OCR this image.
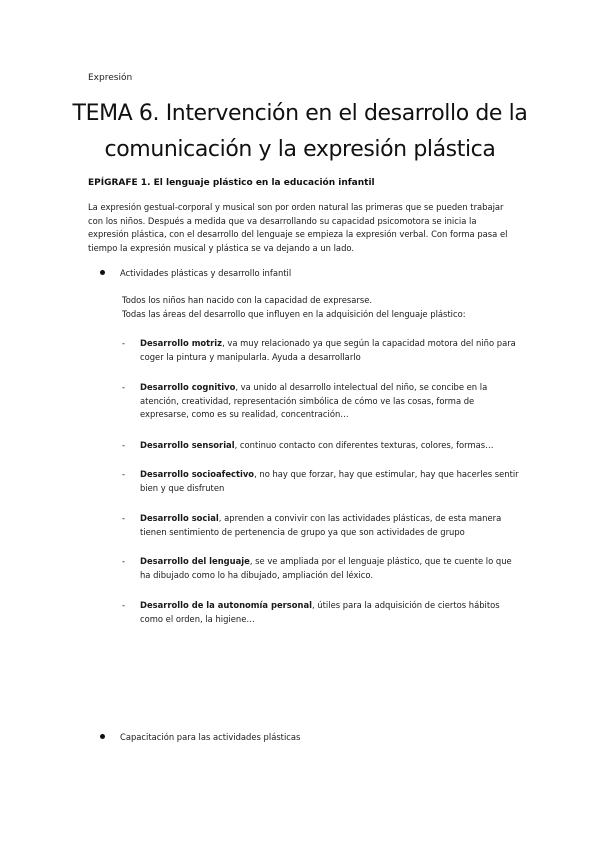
Expresión
TEMA 6. Intervención en el desarrollo de la
comunicación y la expresión plástica
EPÍGRAFE 1. El lenguaje plástico en la educación infantil
La expresión gestual-corporal y musical son por orden natural las primeras que se pueden trabajar con los niños. Después a medida que va desarrollando su capacidad psicomotora se inicia la expresión plástica, con el desarrollo del lenguaje se empieza la expresión verbal. Con forma pasa el tiempo la expresión musical y plástica se va dejando a un lado.
Actividades plásticas y desarrollo infantil
Todos los niños han nacido con la capacidad de expresarse.
Todas las áreas del desarrollo que influyen en la adquisición del lenguaje plástico:
- Desarrollo motriz, va muy relacionado ya que según la capacidad motora del niño para coger la pintura y manipularla. Ayuda a desarrollarlo
- Desarrollo cognitivo, va unido al desarrollo intelectual del niño, se concibe en la atención, creatividad, representación simbólica de cómo ve las cosas, forma de expresarse, como es su realidad, concentración…
- Desarrollo sensorial, continuo contacto con diferentes texturas, colores, formas…
- Desarrollo socioafectivo, no hay que forzar, hay que estimular, hay que hacerles sentir bien y que disfruten
- Desarrollo social, aprenden a convivir con las actividades plásticas, de esta manera tienen sentimiento de pertenencia de grupo ya que son actividades de grupo
- Desarrollo del lenguaje, se ve ampliada por el lenguaje plástico, que te cuente lo que ha dibujado como lo ha dibujado, ampliación del léxico.
- Desarrollo de la autonomía personal, útiles para la adquisición de ciertos hábitos como el orden, la higiene…
Capacitación para las actividades plásticas
